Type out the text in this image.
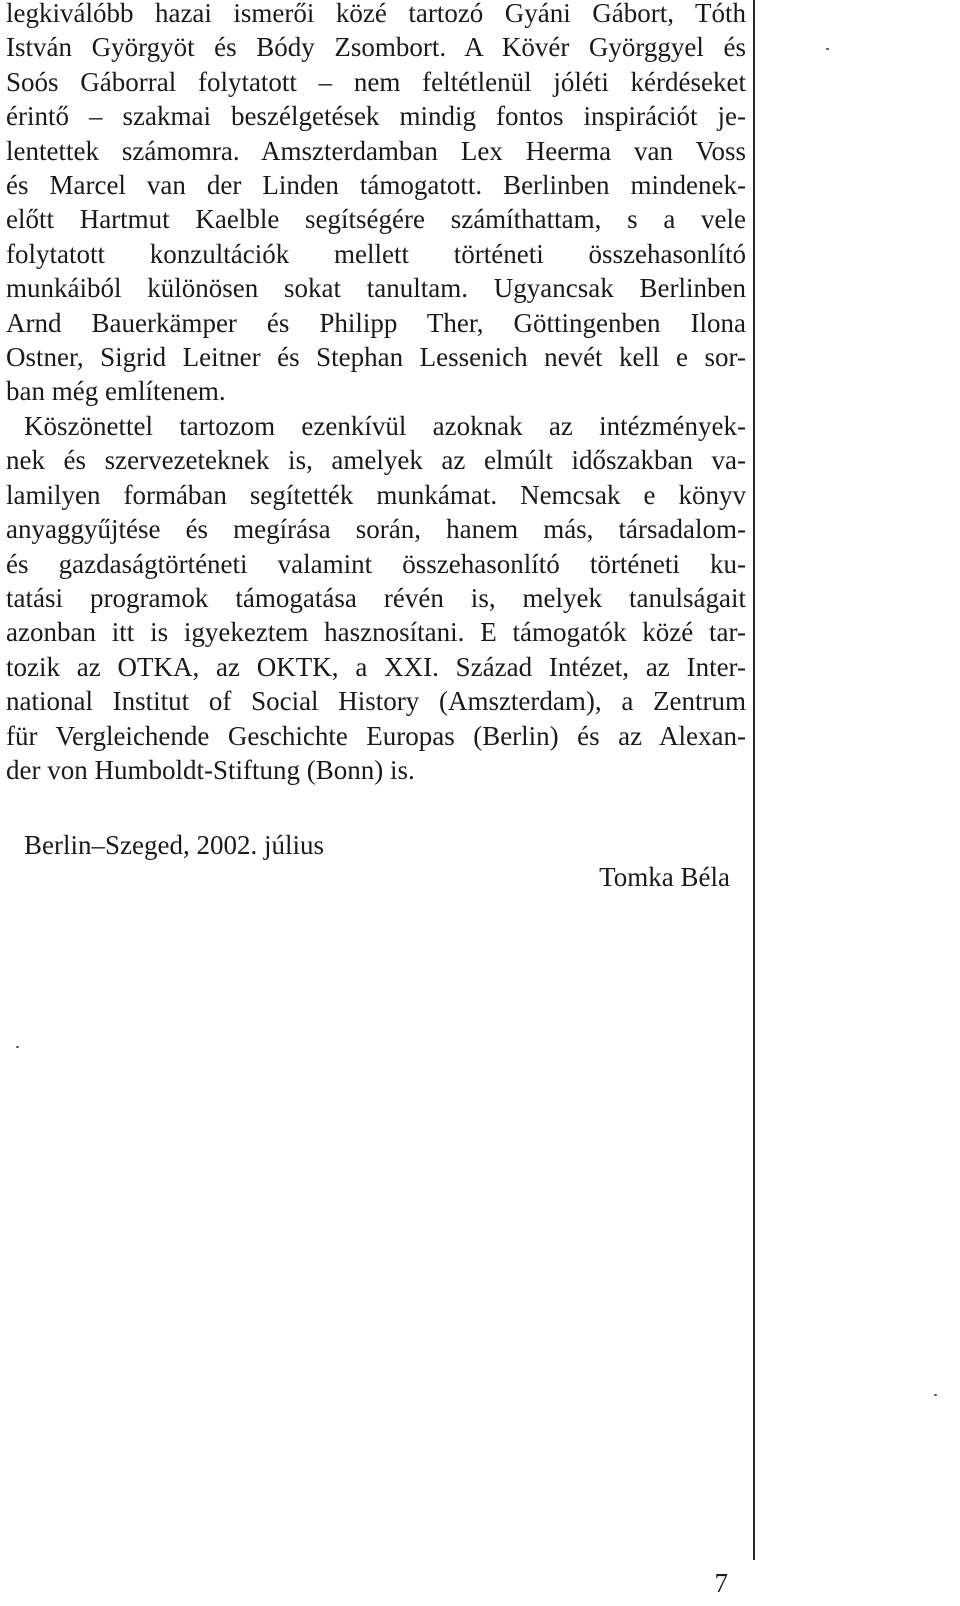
legkiválóbb hazai ismerői közé tartozó Gyáni Gábort, Tóth
István Györgyöt és Bódy Zsombort. A Kövér Györggyel és
Soós Gáborral folytatott – nem feltétlenül jóléti kérdéseket
érintő – szakmai beszélgetések mindig fontos inspirációt je-
lentettek számomra. Amszterdamban Lex Heerma van Voss
és Marcel van der Linden támogatott. Berlinben mindenek-
előtt Hartmut Kaelble segítségére számíthattam, s a vele
folytatott konzultációk mellett történeti összehasonlító
munkáiból különösen sokat tanultam. Ugyancsak Berlinben
Arnd Bauerkämper és Philipp Ther, Göttingenben Ilona
Ostner, Sigrid Leitner és Stephan Lessenich nevét kell e sor-
ban még említenem.
Köszönettel tartozom ezenkívül azoknak az intézmények-
nek és szervezeteknek is, amelyek az elmúlt időszakban va-
lamilyen formában segítették munkámat. Nemcsak e könyv
anyaggyűjtése és megírása során, hanem más, társadalom-
és gazdaságtörténeti valamint összehasonlító történeti ku-
tatási programok támogatása révén is, melyek tanulságait
azonban itt is igyekeztem hasznosítani. E támogatók közé tar-
tozik az OTKA, az OKTK, a XXI. Század Intézet, az Inter-
national Institut of Social History (Amszterdam), a Zentrum
für Vergleichende Geschichte Europas (Berlin) és az Alexan-
der von Humboldt-Stiftung (Bonn) is.
Berlin–Szeged, 2002. július
Tomka Béla
7
